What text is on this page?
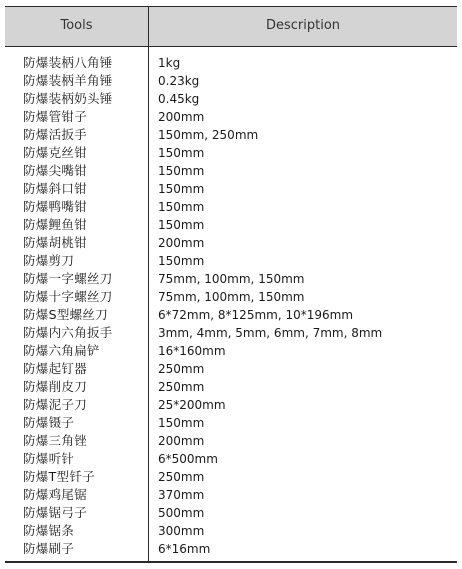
Tools	Description
防爆装柄八角锤	1kg
防爆装柄羊角锤	0.23kg
防爆装柄奶头锤	0.45kg
防爆管钳子	200mm
防爆活扳手	150mm, 250mm
防爆克丝钳	150mm
防爆尖嘴钳	150mm
防爆斜口钳	150mm
防爆鸭嘴钳	150mm
防爆鲤鱼钳	150mm
防爆胡桃钳	200mm
防爆剪刀	150mm
防爆一字螺丝刀	75mm, 100mm, 150mm
防爆十字螺丝刀	75mm, 100mm, 150mm
防爆S型螺丝刀	6*72mm, 8*125mm, 10*196mm
防爆内六角扳手	3mm, 4mm, 5mm, 6mm, 7mm, 8mm
防爆六角扁铲	16*160mm
防爆起钉器	250mm
防爆削皮刀	250mm
防爆泥子刀	25*200mm
防爆镊子	150mm
防爆三角锉	200mm
防爆听针	6*500mm
防爆T型钎子	250mm
防爆鸡尾锯	370mm
防爆锯弓子	500mm
防爆锯条	300mm
防爆刷子	6*16mm
